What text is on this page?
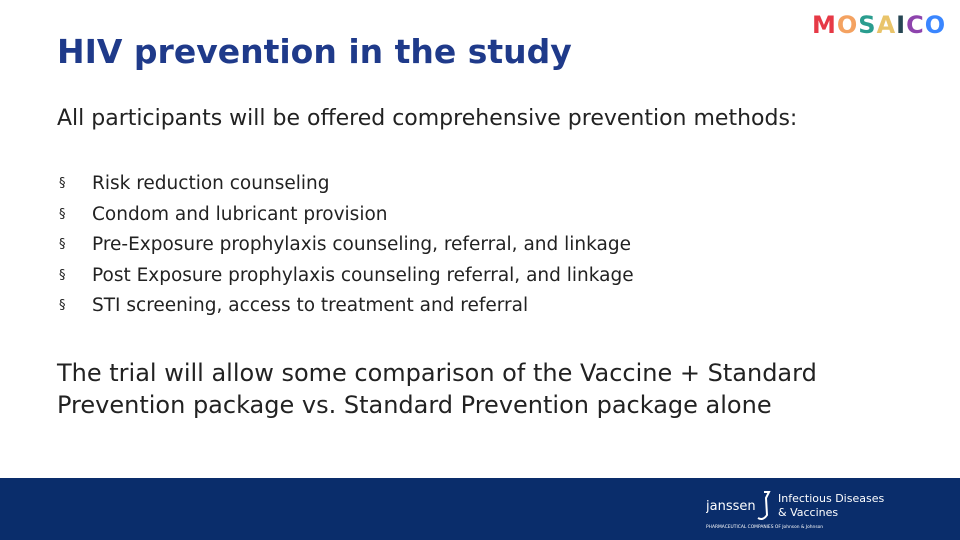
HIV prevention in the study
MOSAICO

All participants will be offered comprehensive prevention methods:

§ Risk reduction counseling
§ Condom and lubricant provision
§ Pre-Exposure prophylaxis counseling, referral, and linkage
§ Post Exposure prophylaxis counseling referral, and linkage
§ STI screening, access to treatment and referral

The trial will allow some comparison of the Vaccine + Standard Prevention package vs. Standard Prevention package alone

janssen
Infectious Diseases
& Vaccines
PHARMACEUTICAL COMPANIES OF Johnson & Johnson
